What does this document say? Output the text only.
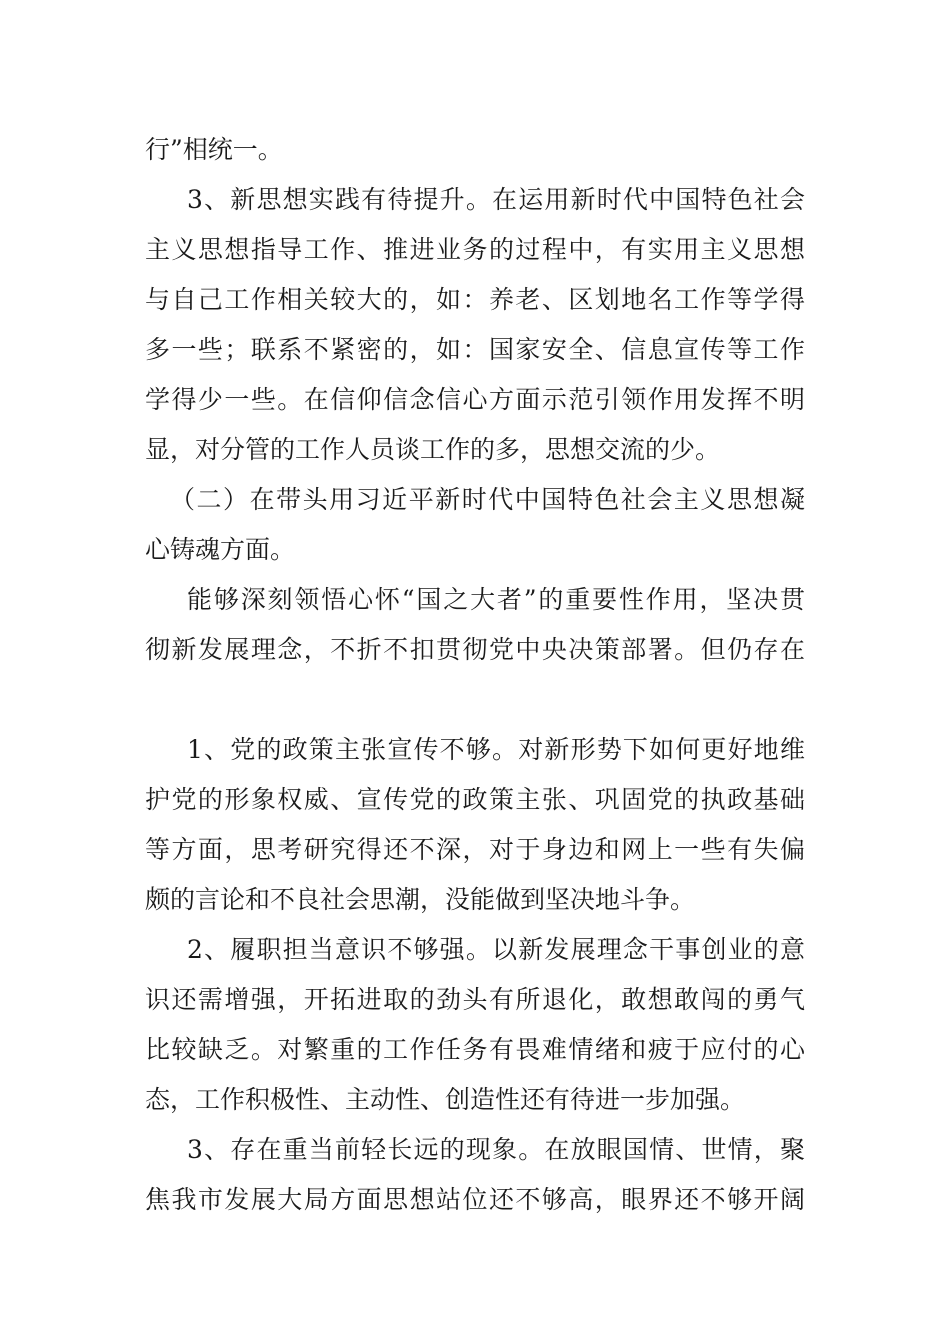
行”相统一。
3、新思想实践有待提升。在运用新时代中国特色社会
主义思想指导工作、推进业务的过程中，有实用主义思想
与自己工作相关较大的，如：养老、区划地名工作等学得
多一些；联系不紧密的，如：国家安全、信息宣传等工作
学得少一些。在信仰信念信心方面示范引领作用发挥不明
显，对分管的工作人员谈工作的多，思想交流的少。
（二）在带头用习近平新时代中国特色社会主义思想凝
心铸魂方面。
能够深刻领悟心怀“国之大者”的重要性作用，坚决贯
彻新发展理念，不折不扣贯彻党中央决策部署。但仍存在
1、党的政策主张宣传不够。对新形势下如何更好地维
护党的形象权威、宣传党的政策主张、巩固党的执政基础
等方面，思考研究得还不深，对于身边和网上一些有失偏
颇的言论和不良社会思潮，没能做到坚决地斗争。
2、履职担当意识不够强。以新发展理念干事创业的意
识还需增强，开拓进取的劲头有所退化，敢想敢闯的勇气
比较缺乏。对繁重的工作任务有畏难情绪和疲于应付的心
态，工作积极性、主动性、创造性还有待进一步加强。
3、存在重当前轻长远的现象。在放眼国情、世情，聚
焦我市发展大局方面思想站位还不够高，眼界还不够开阔
